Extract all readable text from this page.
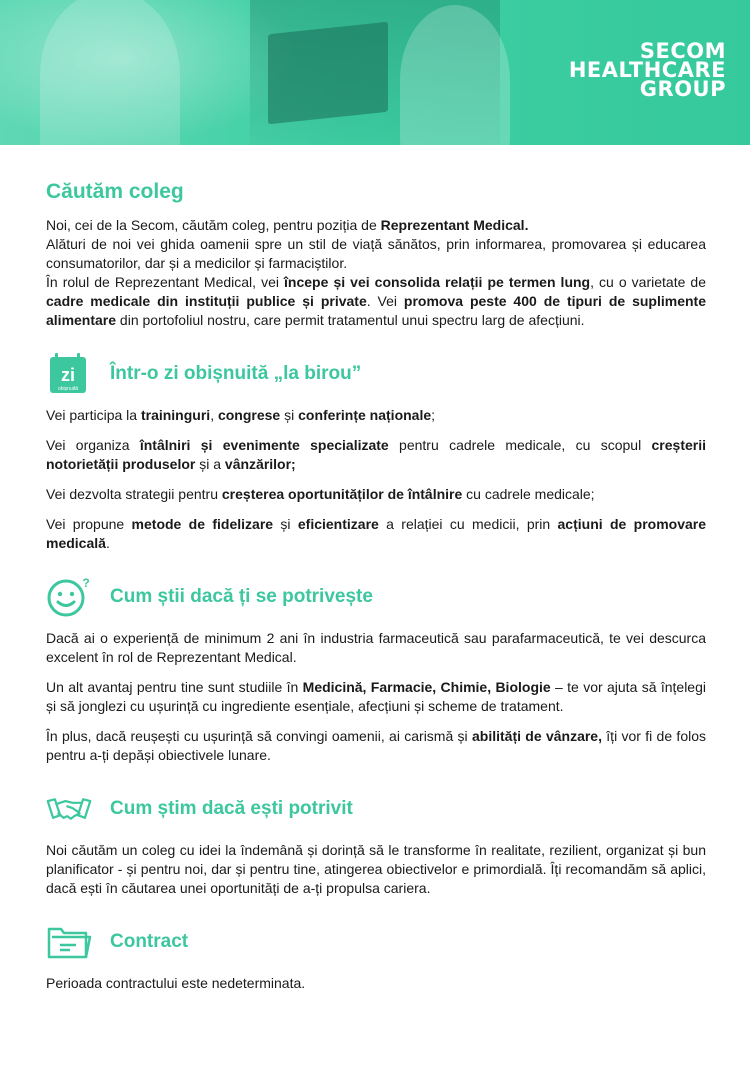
SECOM
HEALTHCARE
GROUP
Căutăm coleg

Noi, cei de la Secom, căutăm coleg, pentru poziția de Reprezentant Medical.

Alături de noi vei ghida oamenii spre un stil de viață sănătos, prin informarea, promovarea și educarea consumatorilor, dar și a medicilor și farmaciștilor.

În rolul de Reprezentant Medical, vei începe și vei consolida relații pe termen lung, cu o varietate de cadre medicale din instituții publice și private. Vei promova peste 400 de tipuri de suplimente alimentare din portofoliul nostru, care permit tratamentul unui spectru larg de afecțiuni.

zi
obișnuită
Într-o zi obișnuită „la birou”

Vei participa la traininguri, congrese și conferințe naționale;

Vei organiza întâlniri și evenimente specializate pentru cadrele medicale, cu scopul creșterii notorietății produselor și a vânzărilor;

Vei dezvolta strategii pentru creșterea oportunităților de întâlnire cu cadrele medicale;

Vei propune metode de fidelizare și eficientizare a relației cu medicii, prin acțiuni de promovare medicală.

?
Cum știi dacă ți se potrivește

Dacă ai o experiență de minimum 2 ani în industria farmaceutică sau parafarmaceutică, te vei descurca excelent în rol de Reprezentant Medical.

Un alt avantaj pentru tine sunt studiile în Medicină, Farmacie, Chimie, Biologie – te vor ajuta să înțelegi și să jonglezi cu ușurință cu ingrediente esențiale, afecțiuni și scheme de tratament.

În plus, dacă reușești cu ușurință să convingi oamenii, ai carismă și abilități de vânzare, îți vor fi de folos pentru a-ți depăși obiectivele lunare.

Cum știm dacă ești potrivit

Noi căutăm un coleg cu idei la îndemână și dorință să le transforme în realitate, rezilient, organizat și bun planificator - și pentru noi, dar și pentru tine, atingerea obiectivelor e primordială. Îți recomandăm să aplici, dacă ești în căutarea unei oportunități de a-ți propulsa cariera.

Contract

Perioada contractului este nedeterminata.
